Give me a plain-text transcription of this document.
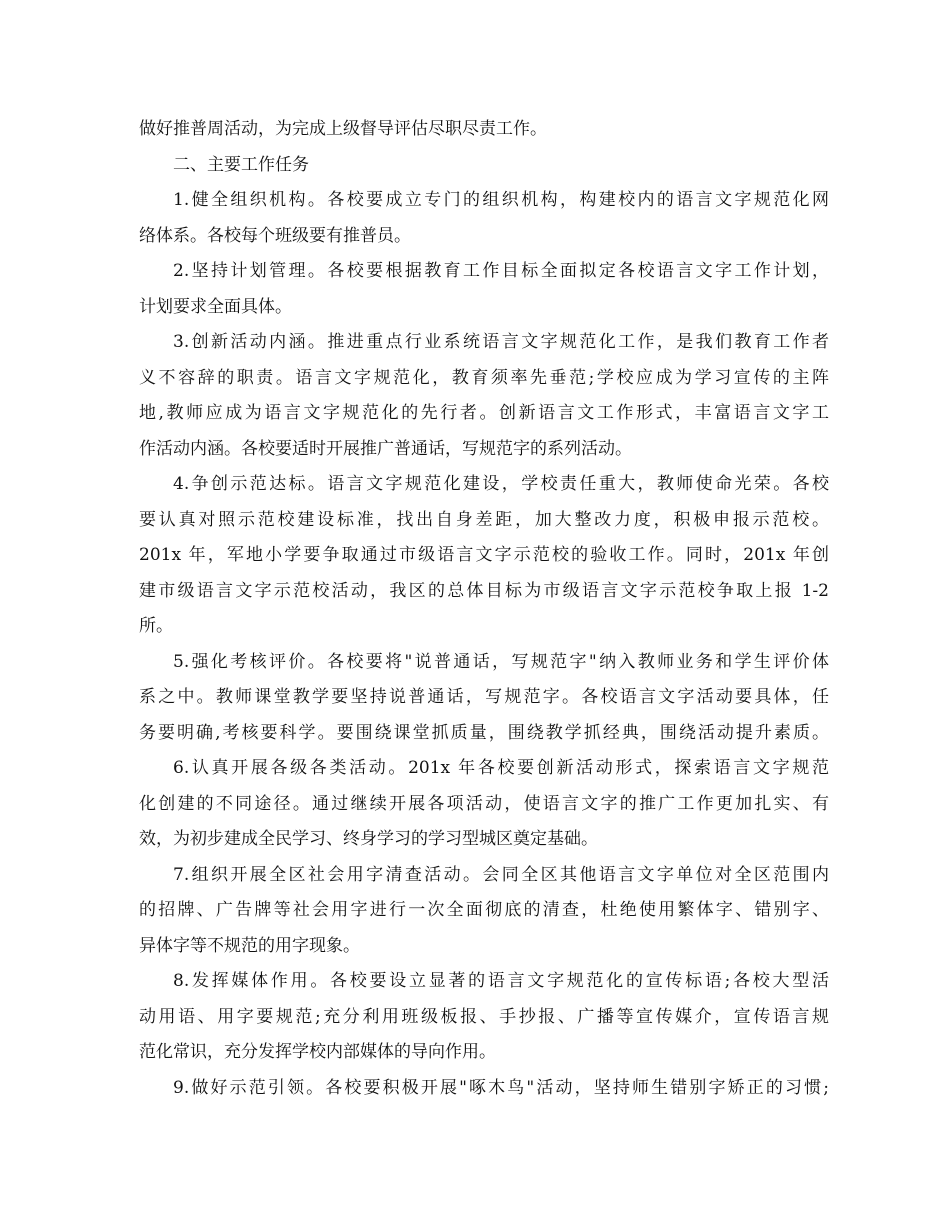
做好推普周活动，为完成上级督导评估尽职尽责工作。
二、主要工作任务
1.健全组织机构。各校要成立专门的组织机构，构建校内的语言文字规范化网
络体系。各校每个班级要有推普员。
2.坚持计划管理。各校要根据教育工作目标全面拟定各校语言文字工作计划，
计划要求全面具体。
3.创新活动内涵。推进重点行业系统语言文字规范化工作，是我们教育工作者
义不容辞的职责。语言文字规范化，教育须率先垂范;学校应成为学习宣传的主阵
地,教师应成为语言文字规范化的先行者。创新语言文工作形式，丰富语言文字工
作活动内涵。各校要适时开展推广普通话，写规范字的系列活动。
4.争创示范达标。语言文字规范化建设，学校责任重大，教师使命光荣。各校
要认真对照示范校建设标准，找出自身差距，加大整改力度，积极申报示范校。
201x 年，军地小学要争取通过市级语言文字示范校的验收工作。同时，201x 年创
建市级语言文字示范校活动，我区的总体目标为市级语言文字示范校争取上报 1-2
所。
5.强化考核评价。各校要将"说普通话，写规范字"纳入教师业务和学生评价体
系之中。教师课堂教学要坚持说普通话，写规范字。各校语言文字活动要具体，任
务要明确,考核要科学。要围绕课堂抓质量，围绕教学抓经典，围绕活动提升素质。
6.认真开展各级各类活动。201x 年各校要创新活动形式，探索语言文字规范
化创建的不同途径。通过继续开展各项活动，使语言文字的推广工作更加扎实、有
效，为初步建成全民学习、终身学习的学习型城区奠定基础。
7.组织开展全区社会用字清查活动。会同全区其他语言文字单位对全区范围内
的招牌、广告牌等社会用字进行一次全面彻底的清查，杜绝使用繁体字、错别字、
异体字等不规范的用字现象。
8.发挥媒体作用。各校要设立显著的语言文字规范化的宣传标语;各校大型活
动用语、用字要规范;充分利用班级板报、手抄报、广播等宣传媒介，宣传语言规
范化常识，充分发挥学校内部媒体的导向作用。
9.做好示范引领。各校要积极开展"啄木鸟"活动，坚持师生错别字矫正的习惯;
